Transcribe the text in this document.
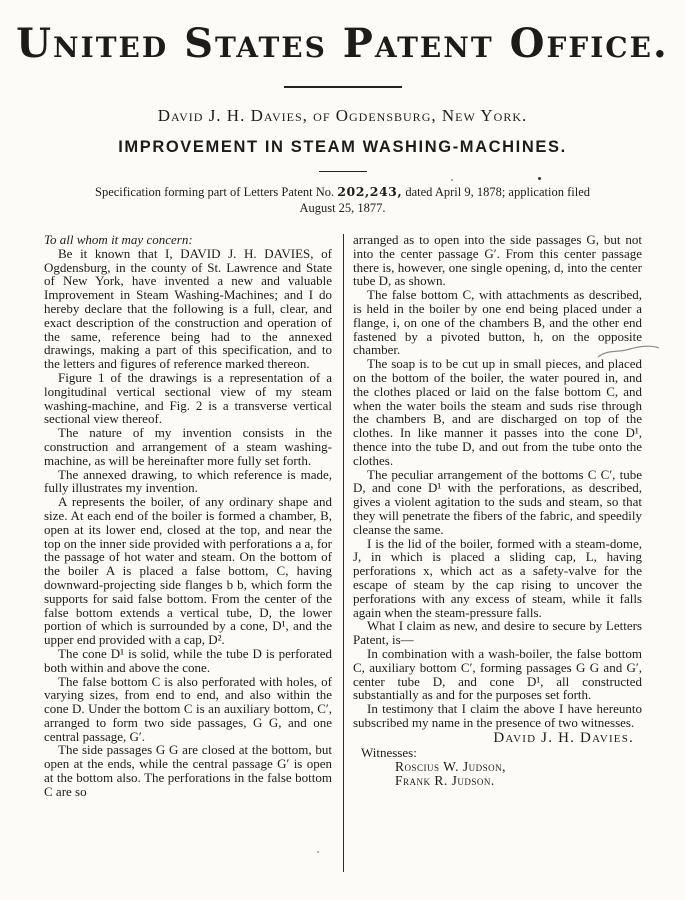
United States Patent Office.
David J. H. Davies, of Ogdensburg, New York.
IMPROVEMENT IN STEAM WASHING-MACHINES.
Specification forming part of Letters Patent No. 202,243, dated April 9, 1878; application filed
August 25, 1877.

To all whom it may concern:

Be it known that I, DAVID J. H. DAVIES, of Ogdensburg, in the county of St. Lawrence and State of New York, have invented a new and valuable Improvement in Steam Washing-Machines; and I do hereby declare that the following is a full, clear, and exact description of the construction and operation of the same, reference being had to the annexed drawings, making a part of this specification, and to the letters and figures of reference marked thereon.

Figure 1 of the drawings is a representation of a longitudinal vertical sectional view of my steam washing-machine, and Fig. 2 is a transverse vertical sectional view thereof.

The nature of my invention consists in the construction and arrangement of a steam washing-machine, as will be hereinafter more fully set forth.

The annexed drawing, to which reference is made, fully illustrates my invention.

A represents the boiler, of any ordinary shape and size. At each end of the boiler is formed a chamber, B, open at its lower end, closed at the top, and near the top on the inner side provided with perforations a a, for the passage of hot water and steam. On the bottom of the boiler A is placed a false bottom, C, having downward-projecting side flanges b b, which form the supports for said false bottom. From the center of the false bottom extends a vertical tube, D, the lower portion of which is surrounded by a cone, D¹, and the upper end provided with a cap, D².

The cone D¹ is solid, while the tube D is perforated both within and above the cone.

The false bottom C is also perforated with holes, of varying sizes, from end to end, and also within the cone D. Under the bottom C is an auxiliary bottom, C′, arranged to form two side passages, G G, and one central passage, G′.

The side passages G G are closed at the bottom, but open at the ends, while the central passage G′ is open at the bottom also. The perforations in the false bottom C are so

arranged as to open into the side passages G, but not into the center passage G′. From this center passage there is, however, one single opening, d, into the center tube D, as shown.

The false bottom C, with attachments as described, is held in the boiler by one end being placed under a flange, i, on one of the chambers B, and the other end fastened by a pivoted button, h, on the opposite chamber.

The soap is to be cut up in small pieces, and placed on the bottom of the boiler, the water poured in, and the clothes placed or laid on the false bottom C, and when the water boils the steam and suds rise through the chambers B, and are discharged on top of the clothes. In like manner it passes into the cone D¹, thence into the tube D, and out from the tube onto the clothes.

The peculiar arrangement of the bottoms C C′, tube D, and cone D¹ with the perforations, as described, gives a violent agitation to the suds and steam, so that they will penetrate the fibers of the fabric, and speedily cleanse the same.

I is the lid of the boiler, formed with a steam-dome, J, in which is placed a sliding cap, L, having perforations x, which act as a safety-valve for the escape of steam by the cap rising to uncover the perforations with any excess of steam, while it falls again when the steam-pressure falls.

What I claim as new, and desire to secure by Letters Patent, is—

In combination with a wash-boiler, the false bottom C, auxiliary bottom C′, forming passages G G and G′, center tube D, and cone D¹, all constructed substantially as and for the purposes set forth.

In testimony that I claim the above I have hereunto subscribed my name in the presence of two witnesses.

David J. H. Davies.
Witnesses:
Roscius W. Judson,
Frank R. Judson.
